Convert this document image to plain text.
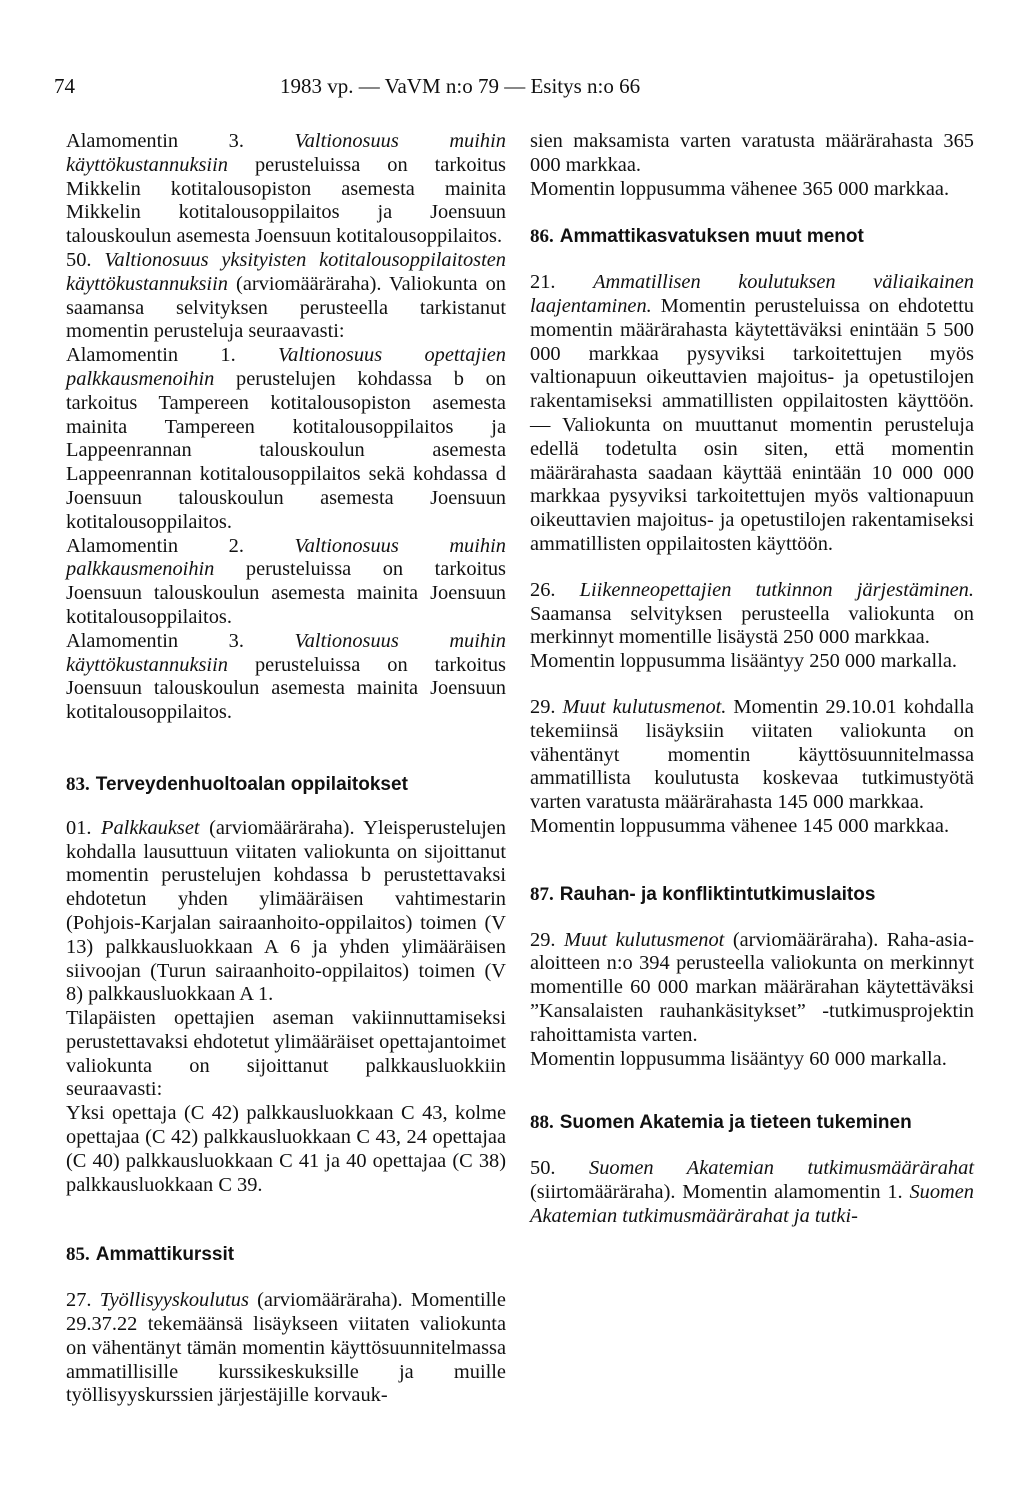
74	1983 vp. — VaVM n:o 79 — Esitys n:o 66

Alamomentin 3. Valtionosuus muihin käyttökustannuksiin perusteluissa on tarkoitus Mikkelin kotitalousopiston asemesta mainita Mikkelin kotitalousoppilaitos ja Joensuun talouskoulun asemesta Joensuun kotitalousoppilaitos.

50. Valtionosuus yksityisten kotitalousoppilaitosten käyttökustannuksiin (arviomääräraha). Valiokunta on saamansa selvityksen perusteella tarkistanut momentin perusteluja seuraavasti:

Alamomentin 1. Valtionosuus opettajien palkkausmenoihin perustelujen kohdassa b on tarkoitus Tampereen kotitalousopiston asemesta mainita Tampereen kotitalousoppilaitos ja Lappeenrannan talouskoulun asemesta Lappeenrannan kotitalousoppilaitos sekä kohdassa d Joensuun talouskoulun asemesta Joensuun kotitalousoppilaitos.

Alamomentin 2. Valtionosuus muihin palkkausmenoihin perusteluissa on tarkoitus Joensuun talouskoulun asemesta mainita Joensuun kotitalousoppilaitos.

Alamomentin 3. Valtionosuus muihin käyttökustannuksiin perusteluissa on tarkoitus Joensuun talouskoulun asemesta mainita Joensuun kotitalousoppilaitos.

83. Terveydenhuoltoalan oppilaitokset

01. Palkkaukset (arviomääräraha). Yleisperustelujen kohdalla lausuttuun viitaten valiokunta on sijoittanut momentin perustelujen kohdassa b perustettavaksi ehdotetun yhden ylimääräisen vahtimestarin (Pohjois-Karjalan sairaanhoito-oppilaitos) toimen (V 13) palkkausluokkaan A 6 ja yhden ylimääräisen siivoojan (Turun sairaanhoito-oppilaitos) toimen (V 8) palkkausluokkaan A 1.

Tilapäisten opettajien aseman vakiinnuttamiseksi perustettavaksi ehdotetut ylimääräiset opettajantoimet valiokunta on sijoittanut palkkausluokkiin seuraavasti:

Yksi opettaja (C 42) palkkausluokkaan C 43, kolme opettajaa (C 42) palkkausluokkaan C 43, 24 opettajaa (C 40) palkkausluokkaan C 41 ja 40 opettajaa (C 38) palkkausluokkaan C 39.

85. Ammattikurssit

27. Työllisyyskoulutus (arviomääräraha). Momentille 29.37.22 tekemäänsä lisäykseen viitaten valiokunta on vähentänyt tämän momentin käyttösuunnitelmassa ammatillisille kurssikeskuksille ja muille työllisyyskurssien järjestäjille korvauk-

sien maksamista varten varatusta määrärahasta 365 000 markkaa.

Momentin loppusumma vähenee 365 000 markkaa.

86. Ammattikasvatuksen muut menot

21. Ammatillisen koulutuksen väliaikainen laajentaminen. Momentin perusteluissa on ehdotettu momentin määrärahasta käytettäväksi enintään 5 500 000 markkaa pysyviksi tarkoitettujen myös valtionapuun oikeuttavien majoitus- ja opetustilojen rakentamiseksi ammatillisten oppilaitosten käyttöön. — Valiokunta on muuttanut momentin perusteluja edellä todetulta osin siten, että momentin määrärahasta saadaan käyttää enintään 10 000 000 markkaa pysyviksi tarkoitettujen myös valtionapuun oikeuttavien majoitus- ja opetustilojen rakentamiseksi ammatillisten oppilaitosten käyttöön.

26. Liikenneopettajien tutkinnon järjestäminen. Saamansa selvityksen perusteella valiokunta on merkinnyt momentille lisäystä 250 000 markkaa.

Momentin loppusumma lisääntyy 250 000 markalla.

29. Muut kulutusmenot. Momentin 29.10.01 kohdalla tekemiinsä lisäyksiin viitaten valiokunta on vähentänyt momentin käyttösuunnitelmassa ammatillista koulutusta koskevaa tutkimustyötä varten varatusta määrärahasta 145 000 markkaa.

Momentin loppusumma vähenee 145 000 markkaa.

87. Rauhan- ja konfliktintutkimuslaitos

29. Muut kulutusmenot (arviomääräraha). Raha-asia-aloitteen n:o 394 perusteella valiokunta on merkinnyt momentille 60 000 markan määrärahan käytettäväksi ”Kansalaisten rauhankäsitykset” -tutkimusprojektin rahoittamista varten.

Momentin loppusumma lisääntyy 60 000 markalla.

88. Suomen Akatemia ja tieteen tukeminen

50. Suomen Akatemian tutkimusmäärärahat (siirtomääräraha). Momentin alamomentin 1. Suomen Akatemian tutkimusmäärärahat ja tutki-
